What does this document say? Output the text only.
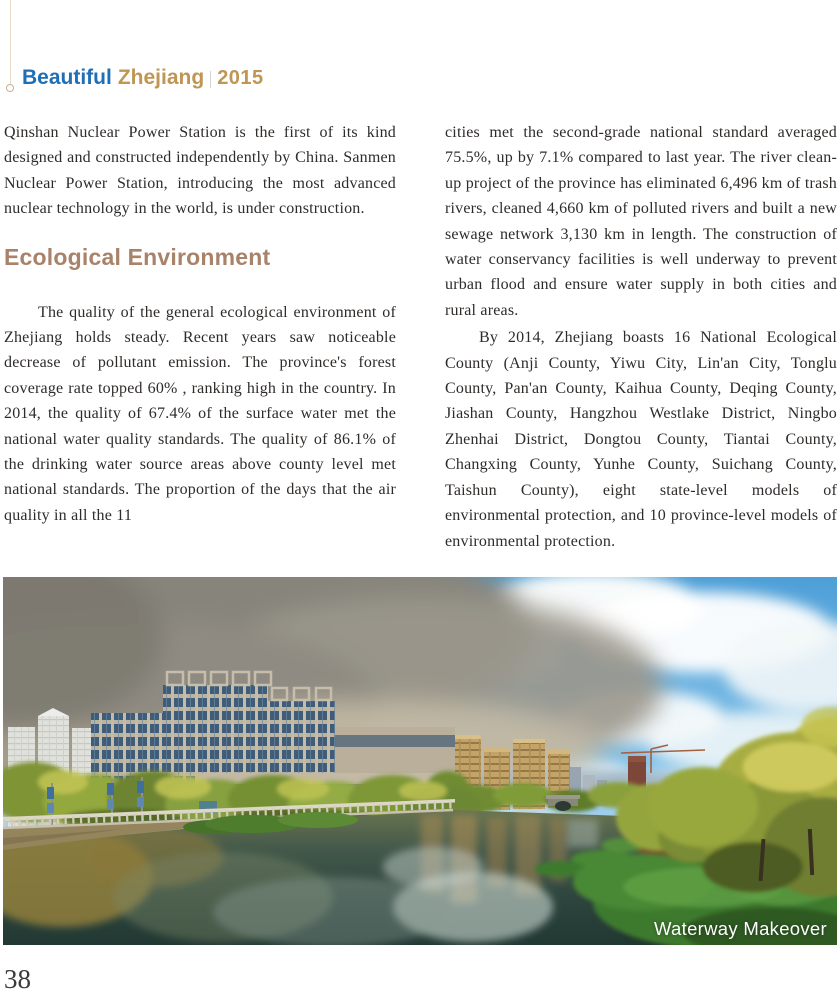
Beautiful Zhejiang 2015

Qinshan Nuclear Power Station is the first of its kind designed and constructed independently by China. Sanmen Nuclear Power Station, introducing the most advanced nuclear technology in the world, is under construction.

Ecological Environment

The quality of the general ecological environment of Zhejiang holds steady. Recent years saw noticeable decrease of pollutant emission. The province's forest coverage rate topped 60% , ranking high in the country. In 2014, the quality of 67.4% of the surface water met the national water quality standards. The quality of 86.1% of the drinking water source areas above county level met national standards. The proportion of the days that the air quality in all the 11

cities met the second-grade national standard averaged 75.5%, up by 7.1% compared to last year. The river clean-up project of the province has eliminated 6,496 km of trash rivers, cleaned 4,660 km of polluted rivers and built a new sewage network 3,130 km in length. The construction of water conservancy facilities is well underway to prevent urban flood and ensure water supply in both cities and rural areas.

By 2014, Zhejiang boasts 16 National Ecological County (Anji County, Yiwu City, Lin'an City, Tonglu County, Pan'an County, Kaihua County, Deqing County, Jiashan County, Hangzhou Westlake District, Ningbo Zhenhai District, Dongtou County, Tiantai County, Changxing County, Yunhe County, Suichang County, Taishun County), eight state-level models of environmental protection, and 10 province-level models of environmental protection.

Waterway Makeover
38
